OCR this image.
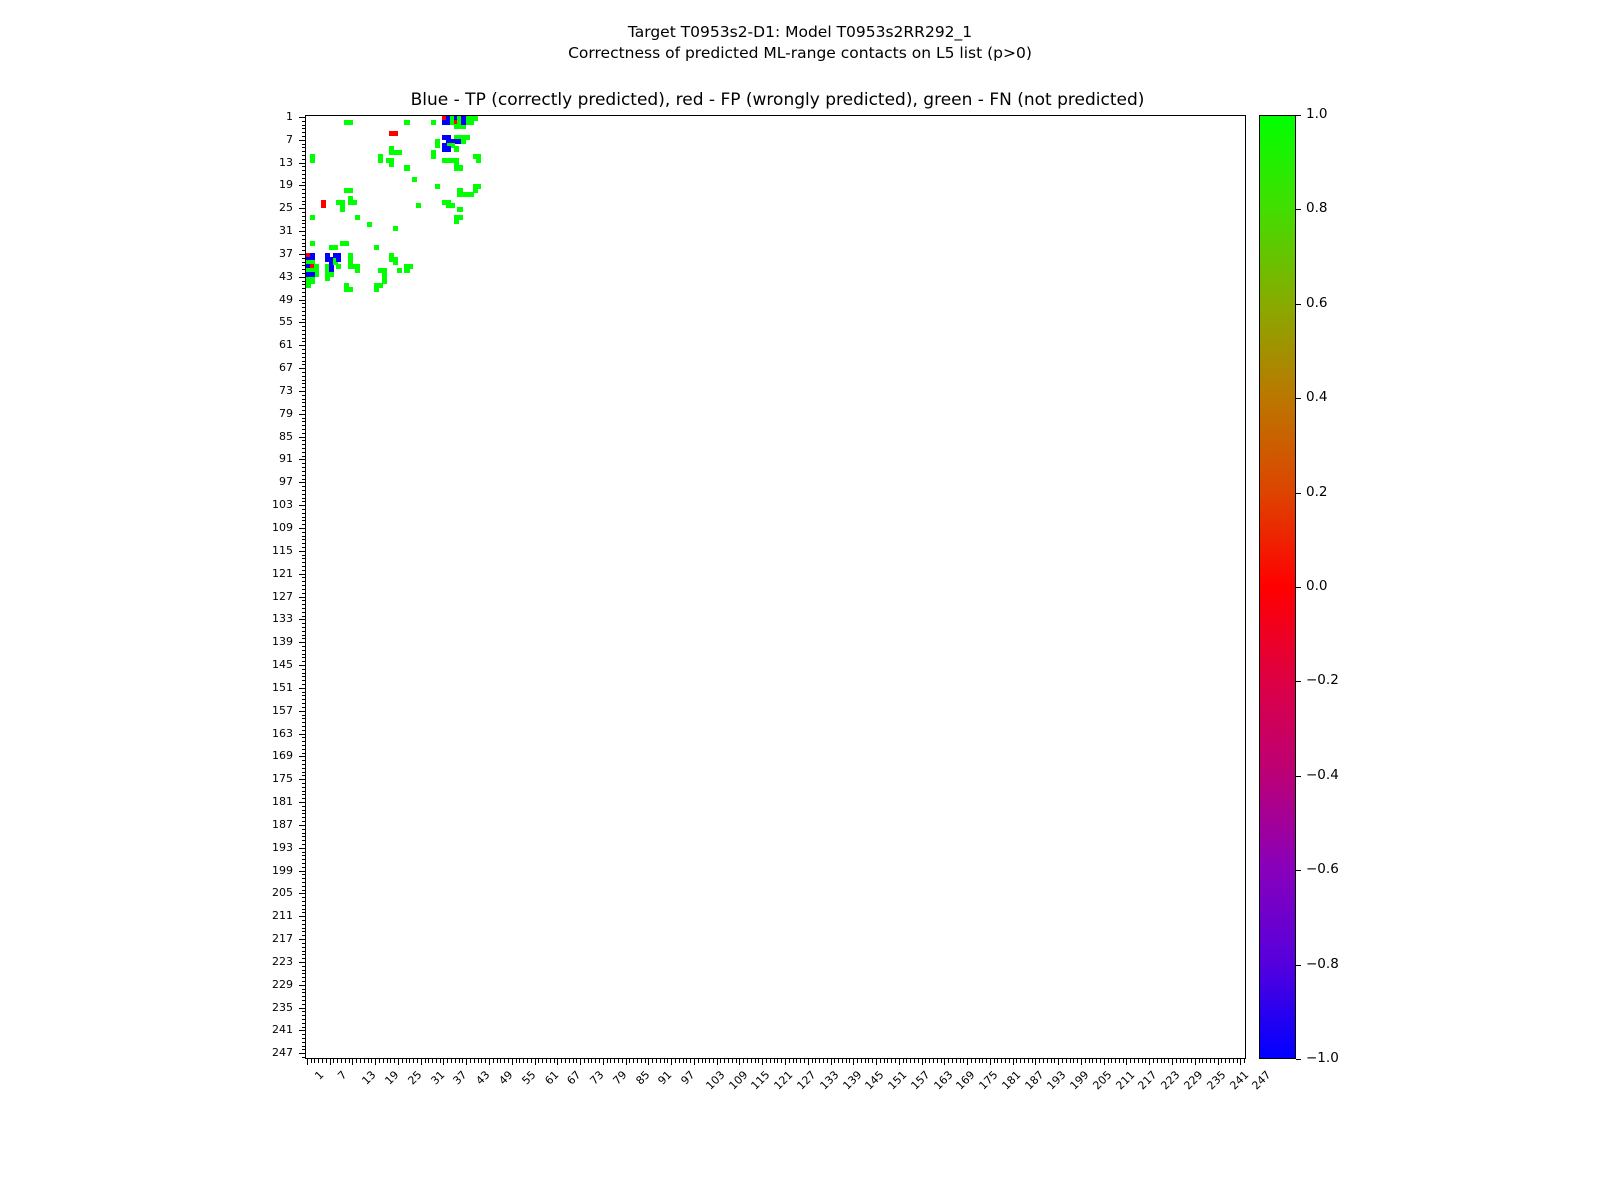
Target T0953s2-D1: Model T0953s2RR292_1
Correctness of predicted ML-range contacts on L5 list (p>0)
Blue - TP (correctly predicted), red - FP (wrongly predicted), green - FN (not predicted)
1
7
13
19
25
31
37
43
49
55
61
67
73
79
85
91
97
103
109
115
121
127
133
139
145
151
157
163
169
175
181
187
193
199
205
211
217
223
229
235
241
247
1 7 13 19 25 31 37 43 49 55 61 67 73 79 85 91 97 103
109
115
121
127
133
139
145
151
157
163
169
175
181
187
193
199
205
211
217
223
229
235
241
247
1.0
0.8
0.6
0.4
0.2
0.0
−0.2
−0.4
−0.6
−0.8
−1.0
